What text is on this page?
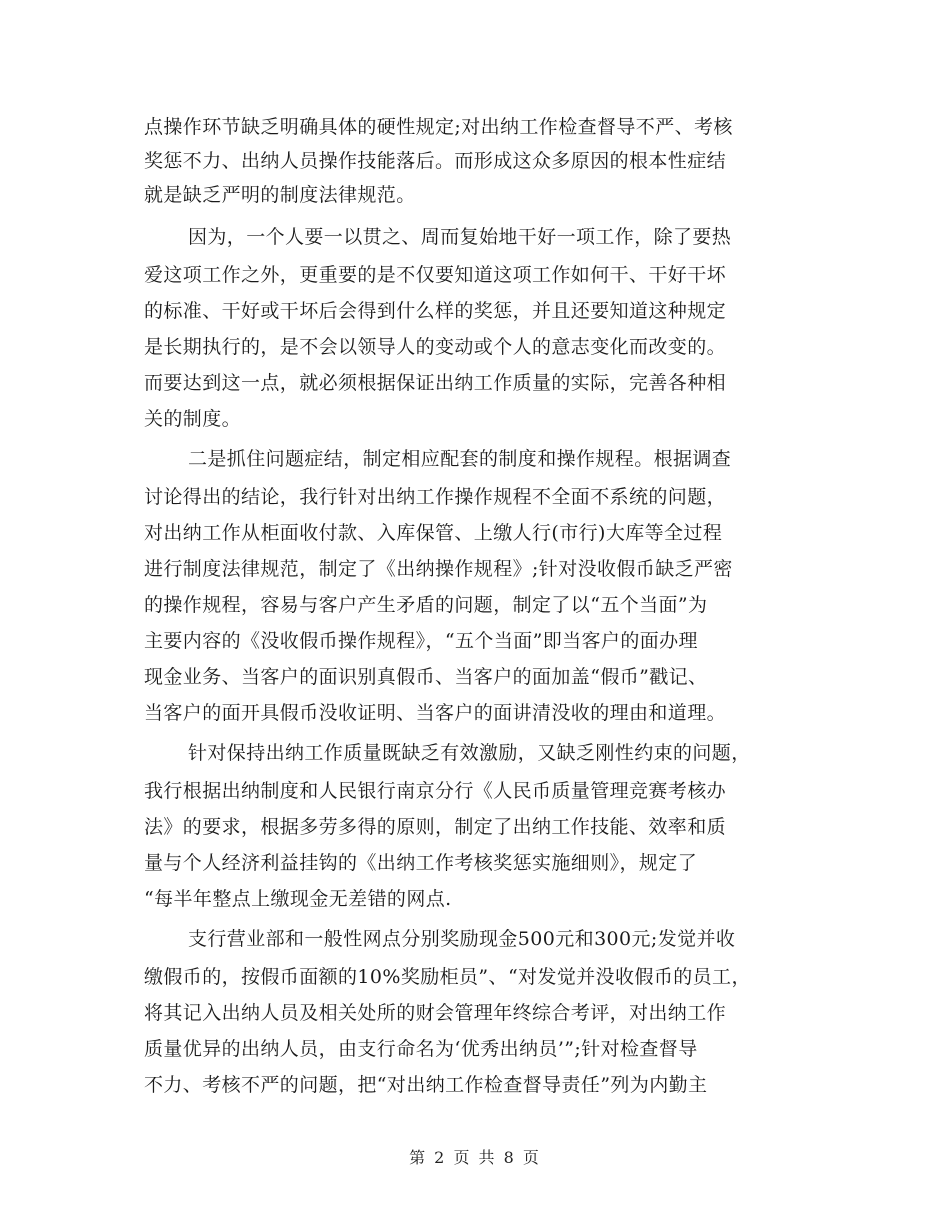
点操作环节缺乏明确具体的硬性规定;对出纳工作检查督导不严、考核
奖惩不力、出纳人员操作技能落后。而形成这众多原因的根本性症结
就是缺乏严明的制度法律规范。
因为，一个人要一以贯之、周而复始地干好一项工作，除了要热
爱这项工作之外，更重要的是不仅要知道这项工作如何干、干好干坏
的标准、干好或干坏后会得到什么样的奖惩，并且还要知道这种规定
是长期执行的，是不会以领导人的变动或个人的意志变化而改变的。
而要达到这一点，就必须根据保证出纳工作质量的实际，完善各种相
关的制度。
二是抓住问题症结，制定相应配套的制度和操作规程。根据调查
讨论得出的结论，我行针对出纳工作操作规程不全面不系统的问题，
对出纳工作从柜面收付款、入库保管、上缴人行(市行)大库等全过程
进行制度法律规范，制定了《出纳操作规程》;针对没收假币缺乏严密
的操作规程，容易与客户产生矛盾的问题，制定了以“五个当面”为
主要内容的《没收假币操作规程》，“五个当面”即当客户的面办理
现金业务、当客户的面识别真假币、当客户的面加盖“假币”戳记、
当客户的面开具假币没收证明、当客户的面讲清没收的理由和道理。
针对保持出纳工作质量既缺乏有效激励，又缺乏刚性约束的问题，
我行根据出纳制度和人民银行南京分行《人民币质量管理竞赛考核办
法》的要求，根据多劳多得的原则，制定了出纳工作技能、效率和质
量与个人经济利益挂钩的《出纳工作考核奖惩实施细则》，规定了
“每半年整点上缴现金无差错的网点.
支行营业部和一般性网点分别奖励现金500元和300元;发觉并收
缴假币的，按假币面额的10%奖励柜员”、“对发觉并没收假币的员工，
将其记入出纳人员及相关处所的财会管理年终综合考评，对出纳工作
质量优异的出纳人员，由支行命名为‘优秀出纳员’”;针对检查督导
不力、考核不严的问题，把“对出纳工作检查督导责任”列为内勤主
第 2 页 共 8 页
